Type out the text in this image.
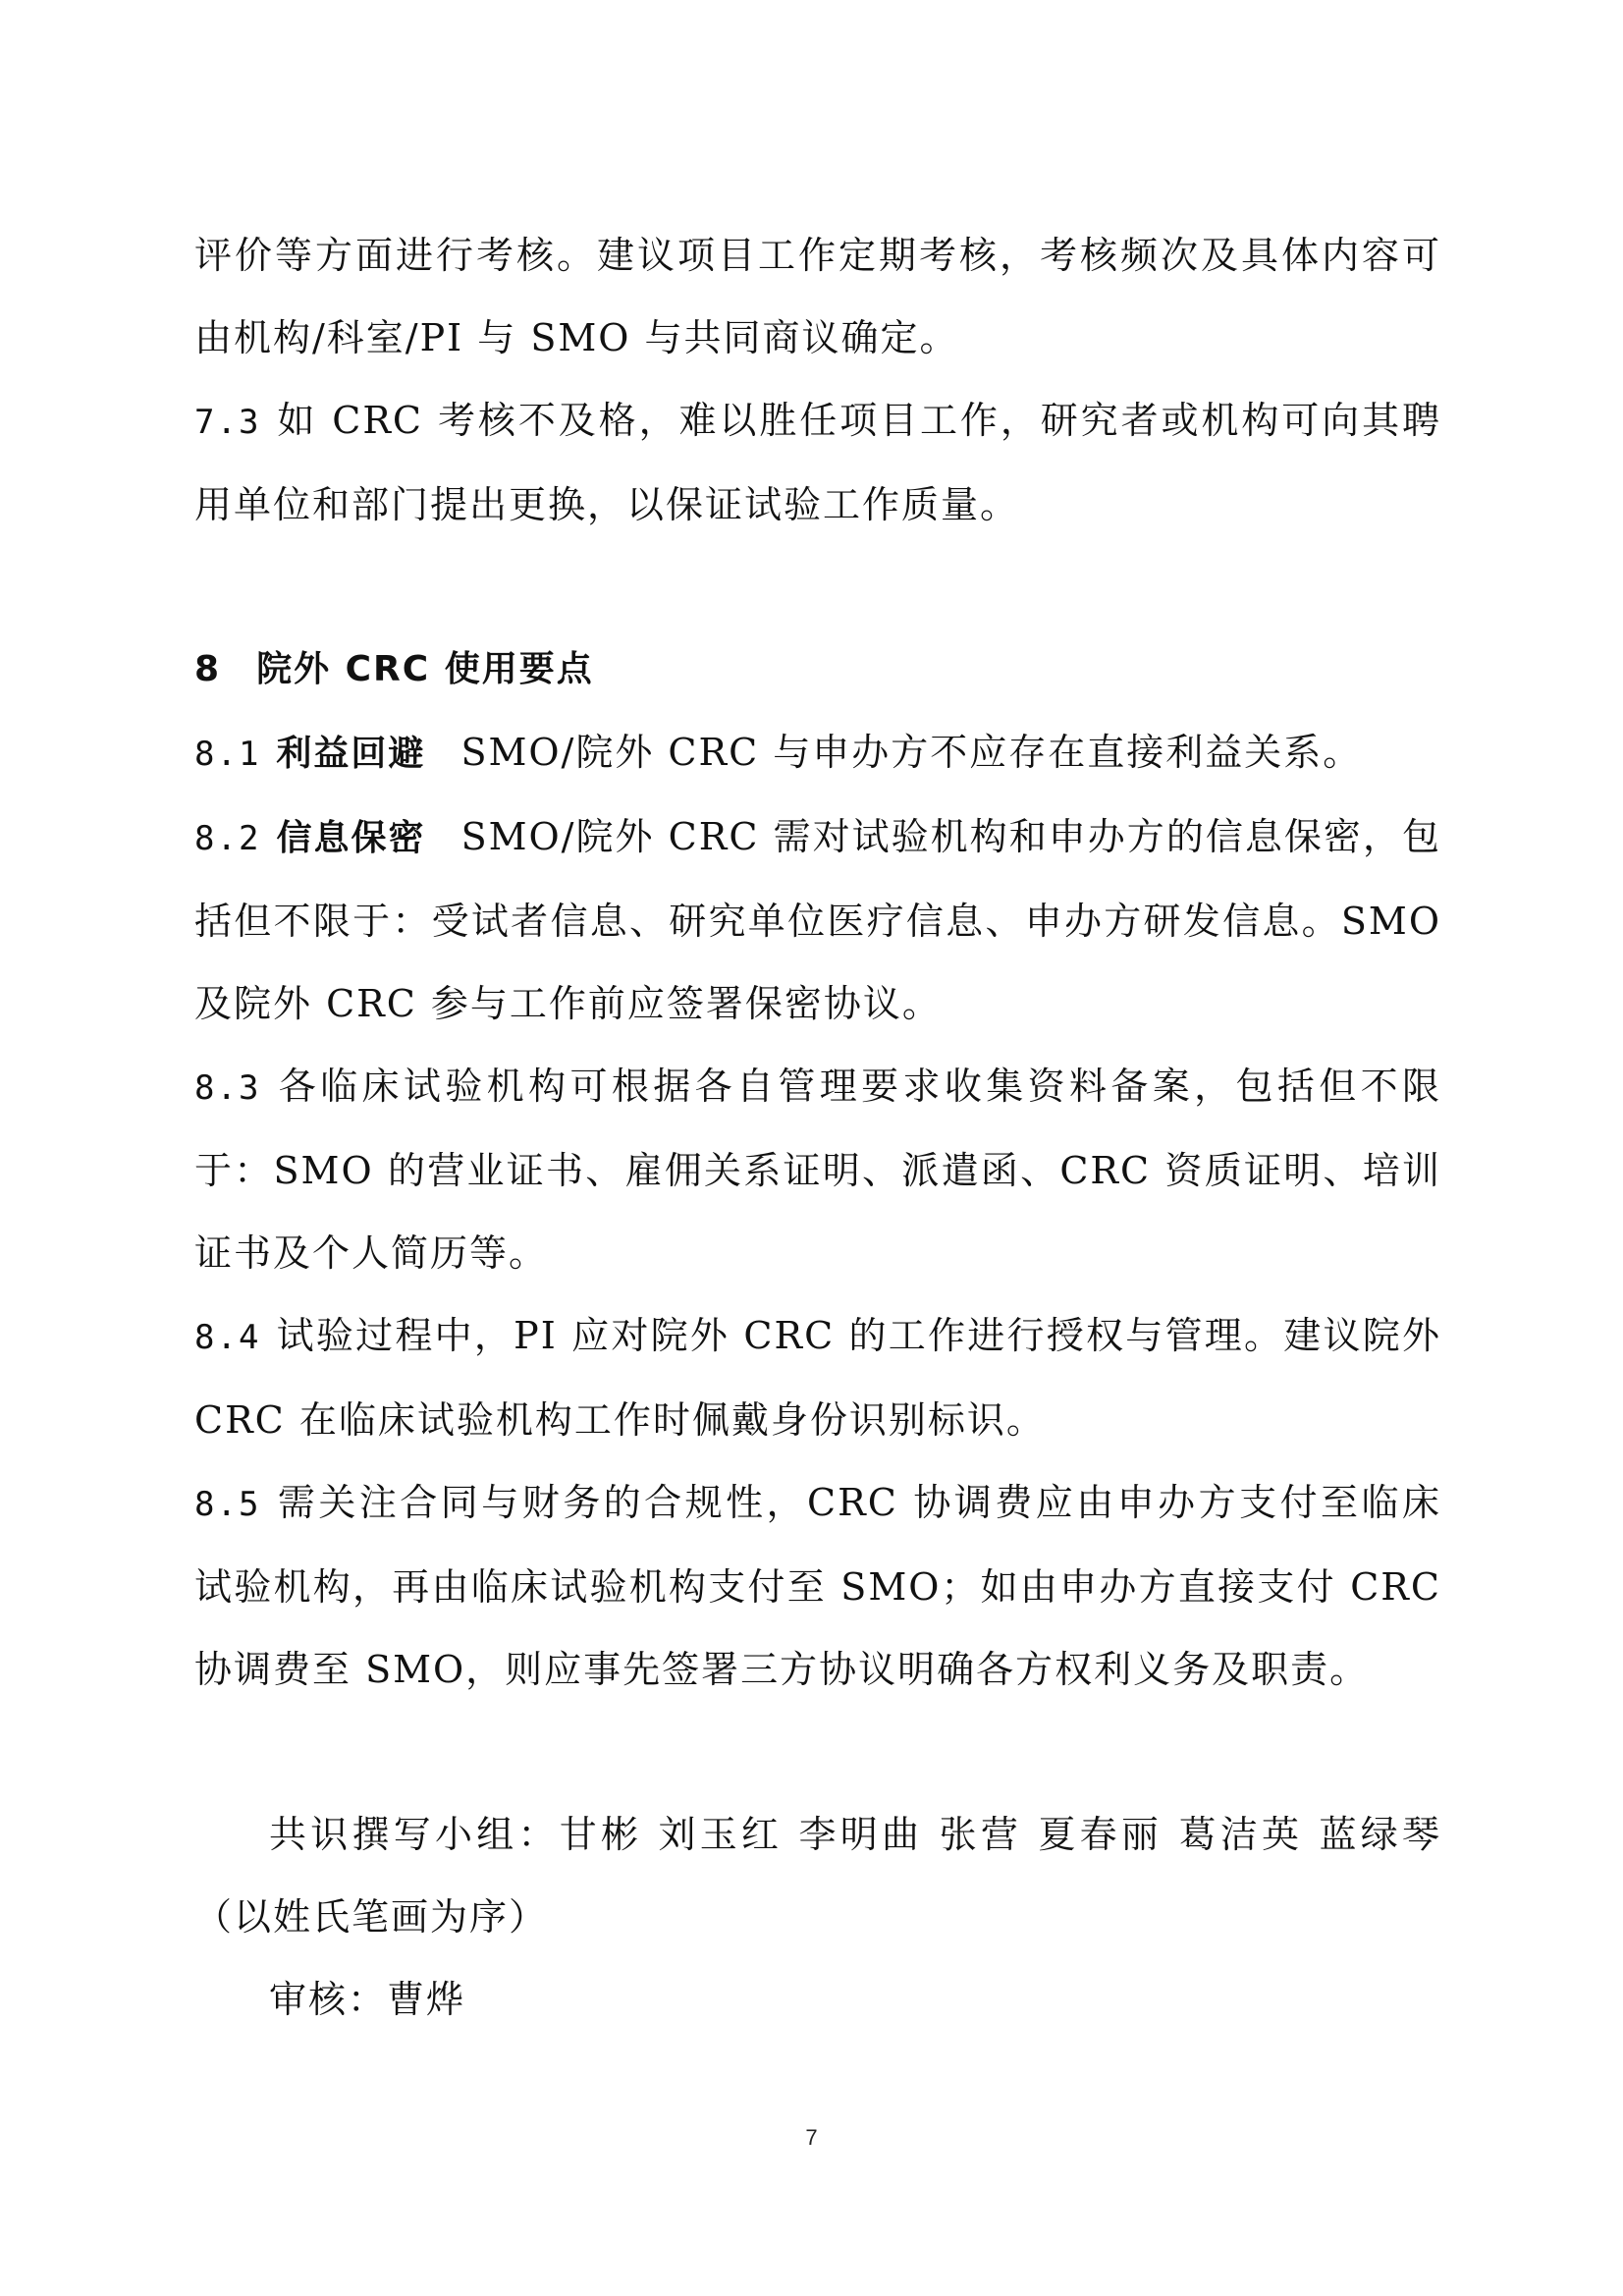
评价等方面进行考核。建议项目工作定期考核，考核频次及具体内容可由机构/科室/PI 与 SMO 与共同商议确定。

7.3 如 CRC 考核不及格，难以胜任项目工作，研究者或机构可向其聘用单位和部门提出更换，以保证试验工作质量。

8 院外 CRC 使用要点

8.1 利益回避 SMO/院外 CRC 与申办方不应存在直接利益关系。

8.2 信息保密 SMO/院外 CRC 需对试验机构和申办方的信息保密，包括但不限于：受试者信息、研究单位医疗信息、申办方研发信息。SMO 及院外 CRC 参与工作前应签署保密协议。

8.3 各临床试验机构可根据各自管理要求收集资料备案，包括但不限于：SMO 的营业证书、雇佣关系证明、派遣函、CRC 资质证明、培训证书及个人简历等。

8.4 试验过程中，PI 应对院外 CRC 的工作进行授权与管理。建议院外 CRC 在临床试验机构工作时佩戴身份识别标识。

8.5 需关注合同与财务的合规性，CRC 协调费应由申办方支付至临床试验机构，再由临床试验机构支付至 SMO；如由申办方直接支付 CRC 协调费至 SMO，则应事先签署三方协议明确各方权利义务及职责。

共识撰写小组：甘彬 刘玉红 李明曲 张营 夏春丽 葛洁英 蓝绿琴（以姓氏笔画为序）

审核：曹烨

7
